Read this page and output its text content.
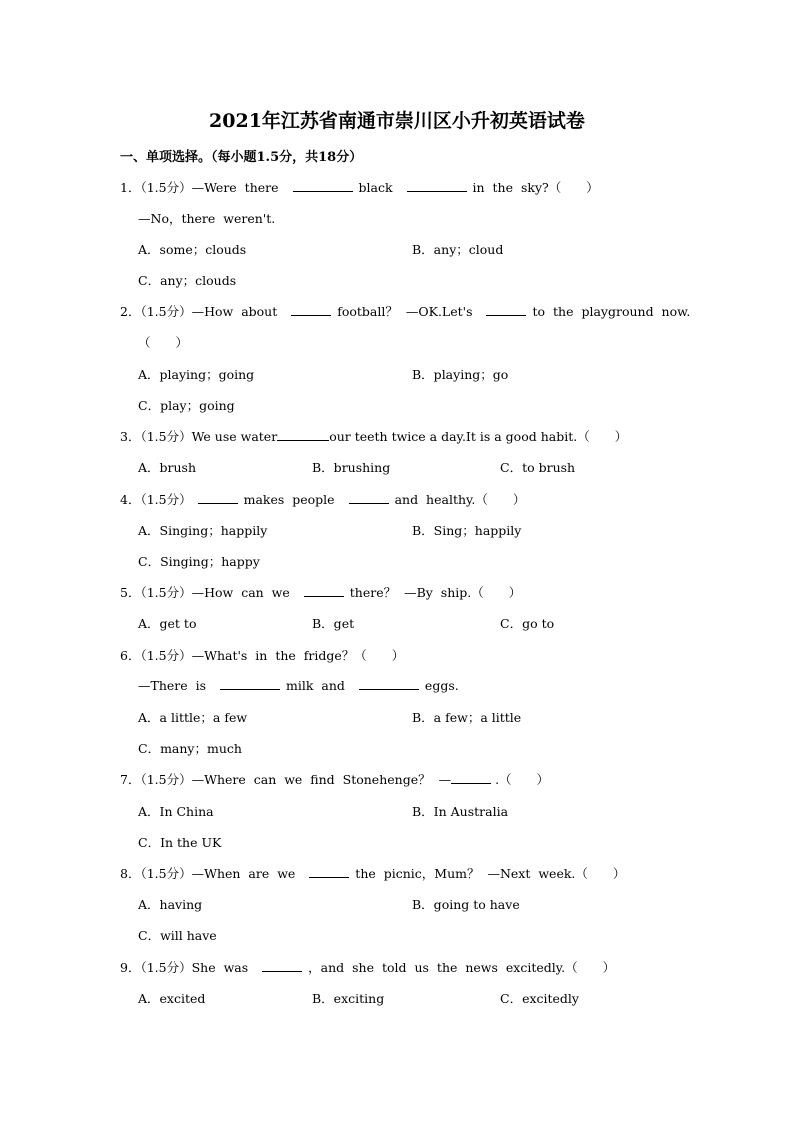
2021年江苏省南通市崇川区小升初英语试卷
一、单项选择。（每小题1.5分，共18分）
1．（1.5分）—Were there	black	in the sky?（　　）
—No，there weren't.
A．some；clouds	B．any；cloud
C．any；clouds
2．（1.5分）—How about	football？ —OK.Let's	to the playground now.
（　　）
A．playing；going	B．playing；go
C．play；going
3．（1.5分）We use water	our teeth twice a day.It is a good habit.（　　）
A．brush	B．brushing	C．to brush
4．（1.5分）	makes people	and healthy.（　　）
A．Singing；happily	B．Sing；happily
C．Singing；happy
5．（1.5分）—How can we	there？ —By ship.（　　）
A．get to	B．get	C．go to
6．（1.5分）—What's in the fridge？（　　）
—There is	milk and	eggs.
A．a little；a few	B．a few；a little
C．many；much
7．（1.5分）—Where can we find Stonehenge？ —	.（　　）
A．In China	B．In Australia
C．In the UK
8．（1.5分）—When are we	the picnic，Mum？ —Next week.（　　）
A．having	B．going to have
C．will have
9．（1.5分）She was	，and she told us the news excitedly.（　　）
A．excited	B．exciting	C．excitedly
